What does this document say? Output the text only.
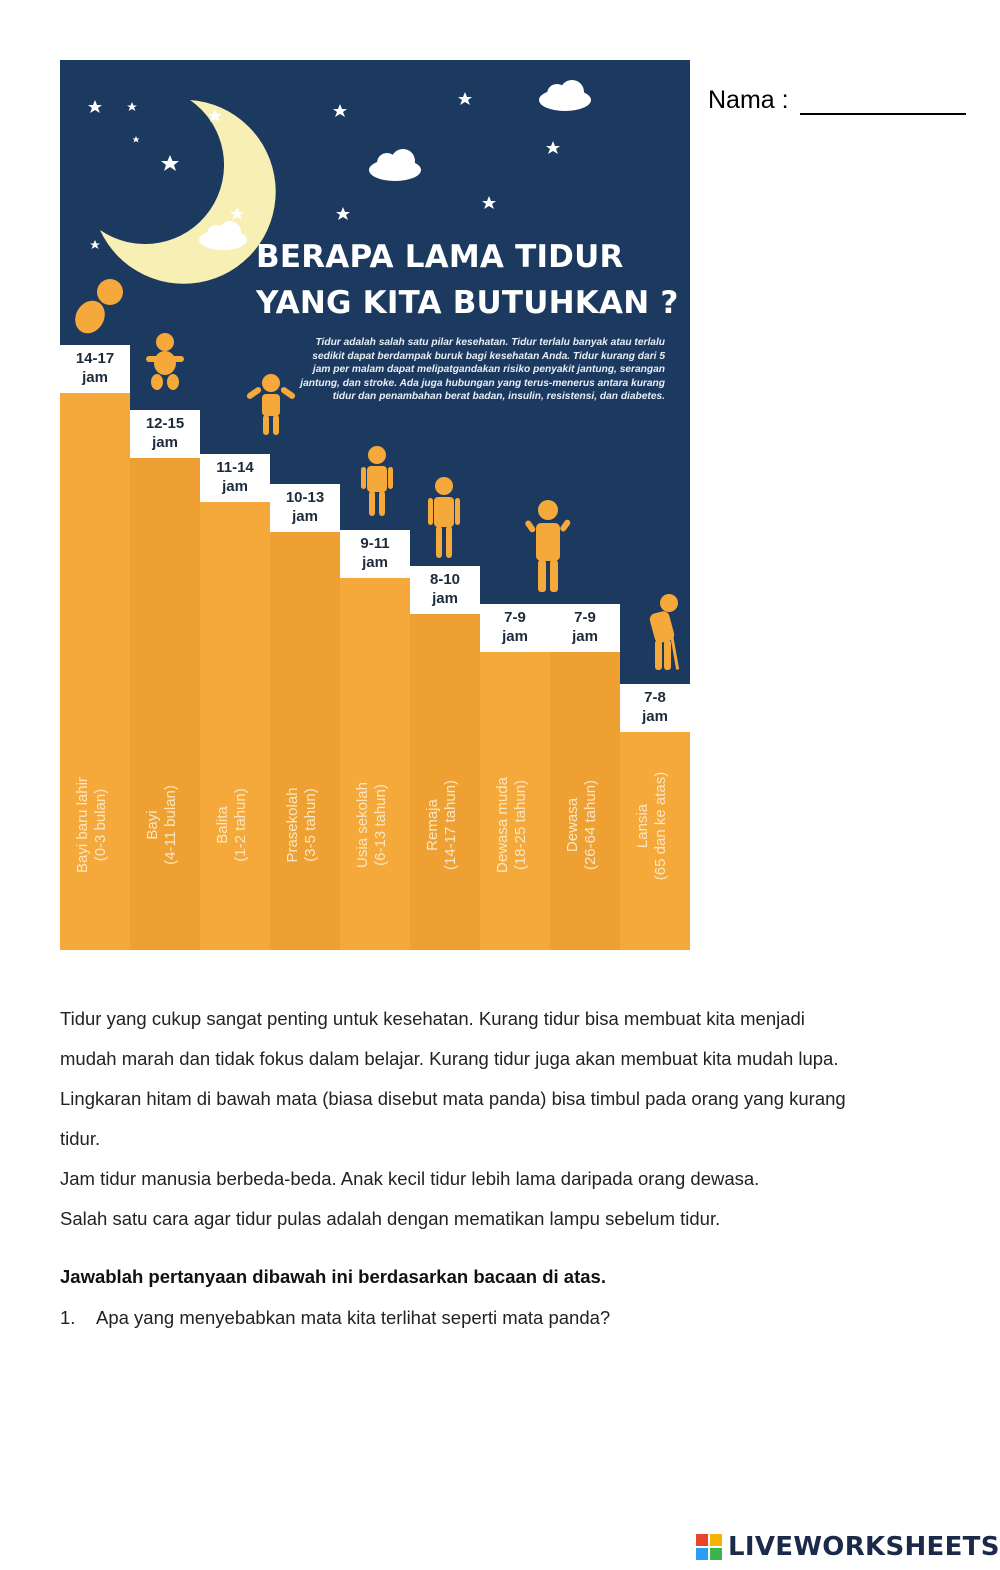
BERAPA LAMA TIDUR
YANG KITA BUTUHKAN ?
Tidur adalah salah satu pilar kesehatan. Tidur terlalu banyak atau terlalu sedikit dapat berdampak buruk bagi kesehatan Anda. Tidur kurang dari 5 jam per malam dapat melipatgandakan risiko penyakit jantung, serangan jantung, dan stroke. Ada juga hubungan yang terus-menerus antara kurang tidur dan penambahan berat badan, insulin, resistensi, dan diabetes.
14-17
jam
12-15
jam
11-14
jam
10-13
jam
9-11
jam
8-10
jam
7-9
jam
7-9
jam
7-8
jam
Bayi baru lahir (0-3 bulan) Bayi (4-11 bulan) Balita (1-2 tahun) Prasekolah (3-5 tahun) Usia sekolah (6-13 tahun) Remaja (14-17 tahun) Dewasa muda (18-25 tahun) Dewasa (26-64 tahun) Lansia (65 dan ke atas)
Nama :
Tidur yang cukup sangat penting untuk kesehatan. Kurang tidur bisa membuat kita menjadi
mudah marah dan tidak fokus dalam belajar. Kurang tidur juga akan membuat kita mudah lupa.
Lingkaran hitam di bawah mata (biasa disebut mata panda) bisa timbul pada orang yang kurang
tidur.
Jam tidur manusia berbeda-beda. Anak kecil tidur lebih lama daripada orang dewasa.
Salah satu cara agar tidur pulas adalah dengan mematikan lampu sebelum tidur.
Jawablah pertanyaan dibawah ini berdasarkan bacaan di atas.
1. Apa yang menyebabkan mata kita terlihat seperti mata panda?
LIVEWORKSHEETS
